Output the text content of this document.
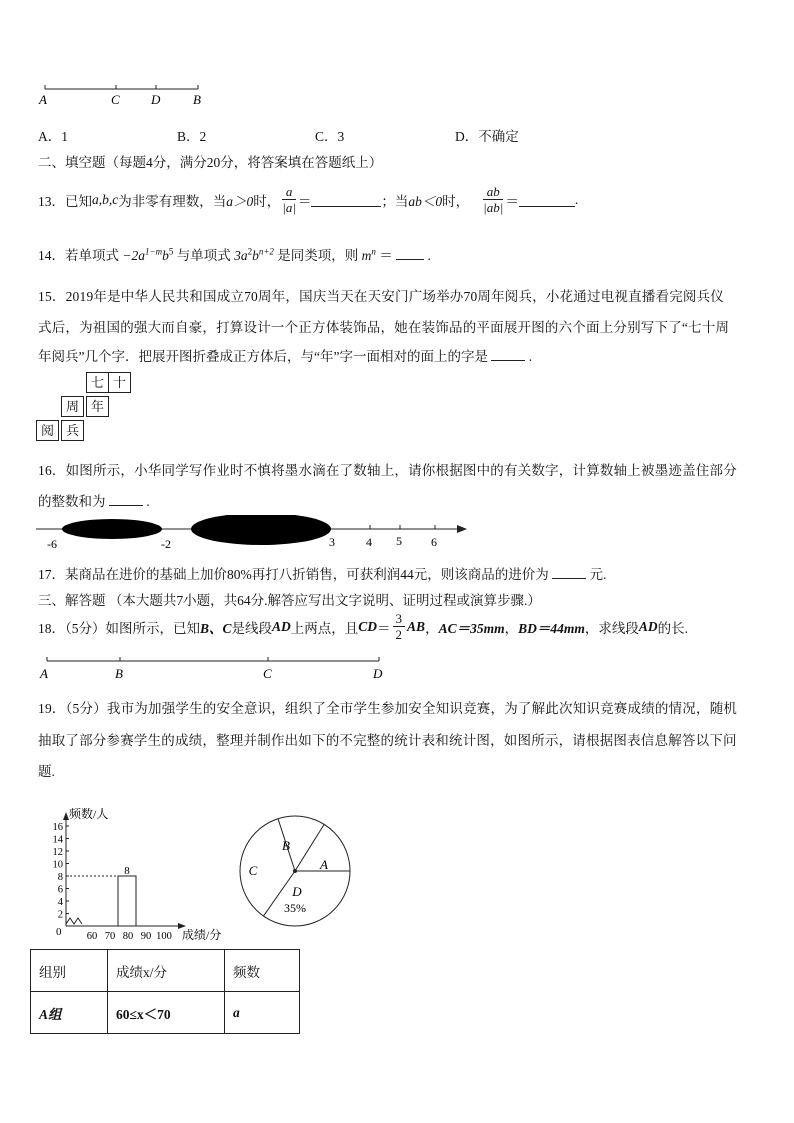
A	C D	B
A．1	B．2	C．3	D．不确定
二、填空题（每题4分，满分20分，将答案填在答题纸上）
13．已知 a,b,c 为非零有理数，当 a＞0 时， $\frac{a}{|a|}$ ＝	；当 ab＜0 时， $\frac{ab}{|ab|}$ ＝	.
14．若单项式 $-2a^{1-m}b^5$ 与单项式 $3a^2b^{n+2}$ 是同类项，则 $m^n$ ＝	.
15．2019年是中华人民共和国成立70周年，国庆当天在天安门广场举办70周年阅兵，小花通过电视直播看完阅兵仪
式后，为祖国的强大而自豪，打算设计一个正方体装饰品，她在装饰品的平面展开图的六个面上分别写下了“七十周
年阅兵”几个字．把展开图折叠成正方体后，与“年”字一面相对的面上的字是	.
七 十
周 年
阅 兵
16．如图所示，小华同学写作业时不慎将墨水滴在了数轴上，请你根据图中的有关数字，计算数轴上被墨迹盖住部分
的整数和为	.
-6	-2	3	4 5 6
17．某商品在进价的基础上加价80%再打八折销售，可获利润44元，则该商品的进价为	元.
三、解答题 （本大题共7小题，共64分.解答应写出文字说明、证明过程或演算步骤.）
18．（5分）如图所示，已知 B、C 是线段 AD 上两点，且 CD ＝ $\frac{3}{2}$ AB ， AC＝35mm ， BD＝44mm ，求线段 AD 的长.
A	B	C	D
19．（5分）我市为加强学生的安全意识，组织了全市学生参加安全知识竞赛，为了解此次知识竞赛成绩的情况，随机
抽取了部分参赛学生的成绩，整理并制作出如下的不完整的统计表和统计图，如图所示，请根据图表信息解答以下问
题.
频数/人
成绩/分
0
2
4
6
8
10
12
14
16
60 70 80 90 100
8	A
B
C
D
35%
组别	成绩x/分	频数
A组	60≤x＜70	a
